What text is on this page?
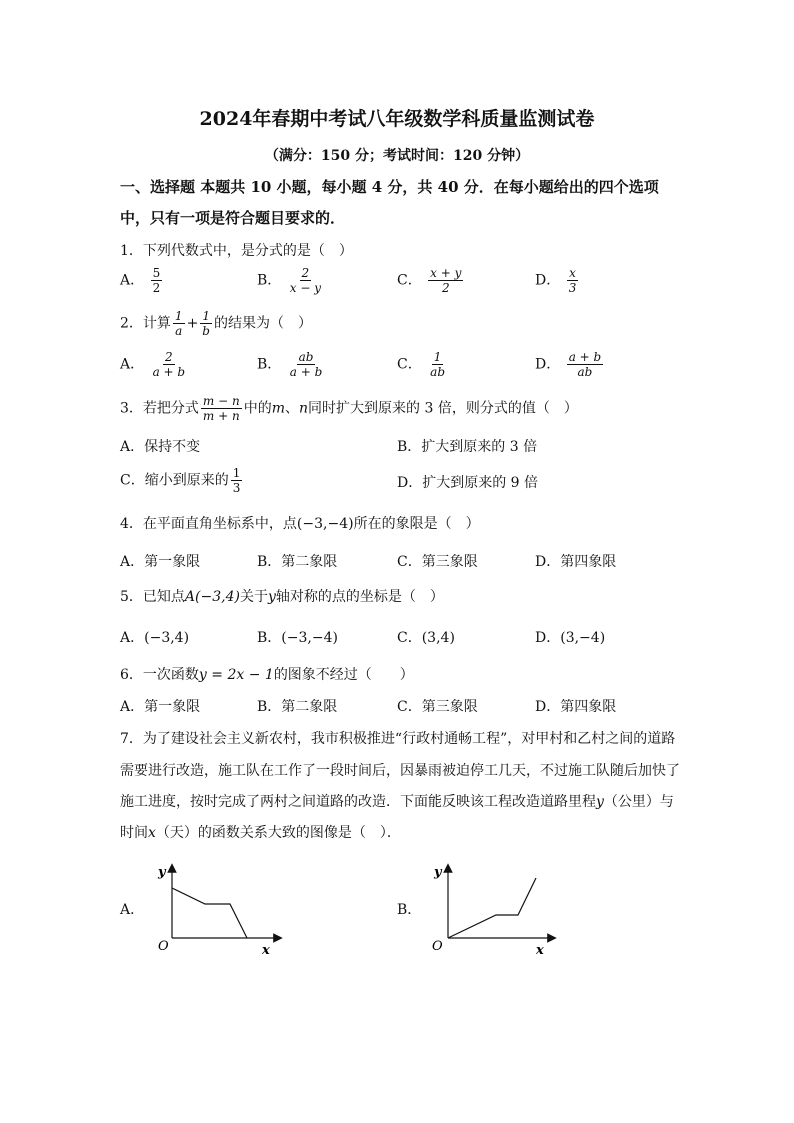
2024年春期中考试八年级数学科质量监测试卷
（满分：150 分；考试时间：120 分钟）
一、选择题 本题共 10 小题，每小题 4 分，共 40 分．在每小题给出的四个选项
中，只有一项是符合题目要求的．
1．下列代数式中，是分式的是（　）
A． $\frac{5}{2}$	B． $\frac{2}{x - y}$	C． $\frac{x + y}{2}$	D． $\frac{x}{3}$
2．计算 $\frac{1}{a} + \frac{1}{b}$ 的结果为（　）
A． $\frac{2}{a + b}$	B． $\frac{ab}{a + b}$	C． $\frac{1}{ab}$	D． $\frac{a + b}{ab}$
3．若把分式 $\frac{m - n}{m + n}$ 中的m、n同时扩大到原来的 3 倍，则分式的值（　）
A．保持不变	B．扩大到原来的 3 倍
C．缩小到原来的 $\frac{1}{3}$	D．扩大到原来的 9 倍
4．在平面直角坐标系中，点(−3,−4)所在的象限是（　）
A．第一象限	B．第二象限	C．第三象限	D．第四象限
5．已知点A(−3,4)关于y轴对称的点的坐标是（　）
A．(−3,4)	B．(−3,−4)	C．(3,4)	D．(3,−4)
6．一次函数y = 2x − 1的图象不经过（　　）
A．第一象限	B．第二象限	C．第三象限	D．第四象限
7．为了建设社会主义新农村，我市积极推进“行政村通畅工程”，对甲村和乙村之间的道路
需要进行改造，施工队在工作了一段时间后，因暴雨被迫停工几天，不过施工队随后加快了
施工进度，按时完成了两村之间道路的改造．下面能反映该工程改造道路里程y（公里）与
时间x（天）的函数关系大致的图像是（　）．
A．
y
O	x
B．
y
O	x
